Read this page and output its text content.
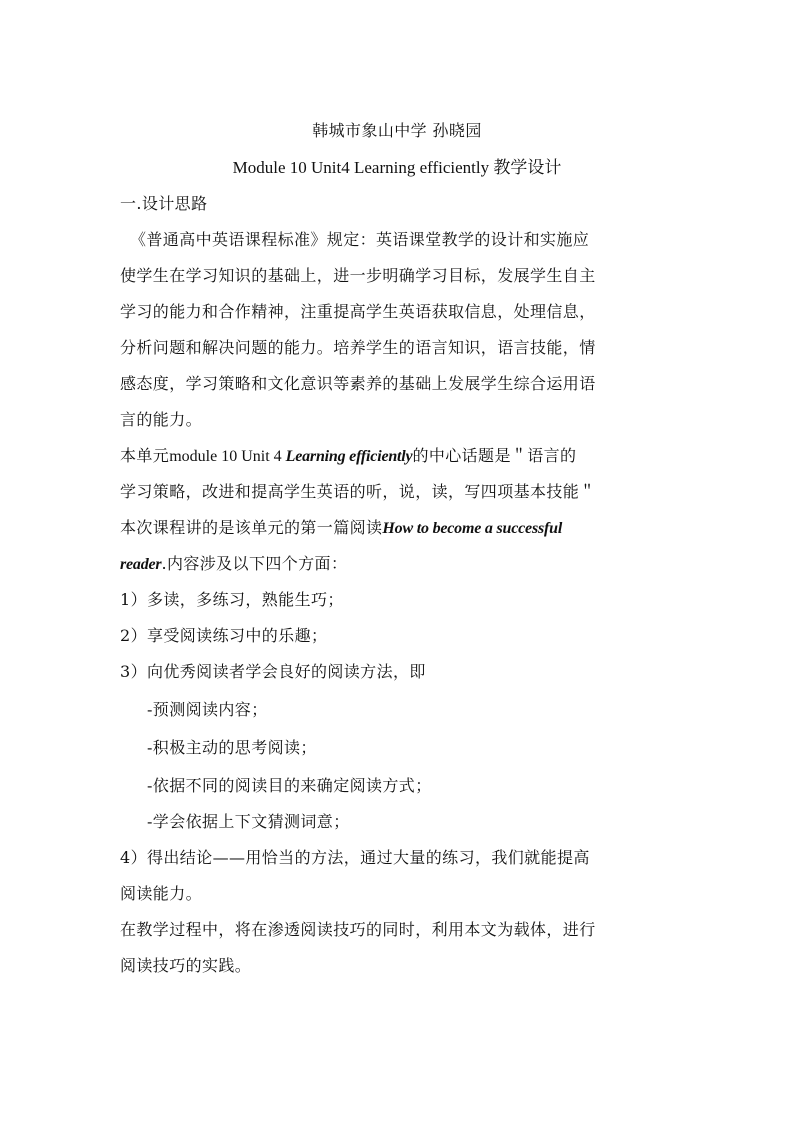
韩城市象山中学 孙晓园
Module 10 Unit4 Learning efficiently 教学设计
一.设计思路
《普通高中英语课程标准》规定：英语课堂教学的设计和实施应
使学生在学习知识的基础上，进一步明确学习目标，发展学生自主
学习的能力和合作精神，注重提高学生英语获取信息，处理信息，
分析问题和解决问题的能力。培养学生的语言知识，语言技能，情
感态度，学习策略和文化意识等素养的基础上发展学生综合运用语
言的能力。
本单元module 10 Unit 4 Learning efficiently的中心话题是＂语言的
学习策略，改进和提高学生英语的听，说，读，写四项基本技能＂
本次课程讲的是该单元的第一篇阅读How to become a successful
reader.内容涉及以下四个方面：
1）多读，多练习，熟能生巧；
2）享受阅读练习中的乐趣；
3）向优秀阅读者学会良好的阅读方法，即
-预测阅读内容；
-积极主动的思考阅读；
-依据不同的阅读目的来确定阅读方式；
-学会依据上下文猜测词意；
4）得出结论——用恰当的方法，通过大量的练习，我们就能提高
阅读能力。
在教学过程中，将在渗透阅读技巧的同时，利用本文为载体，进行
阅读技巧的实践。
